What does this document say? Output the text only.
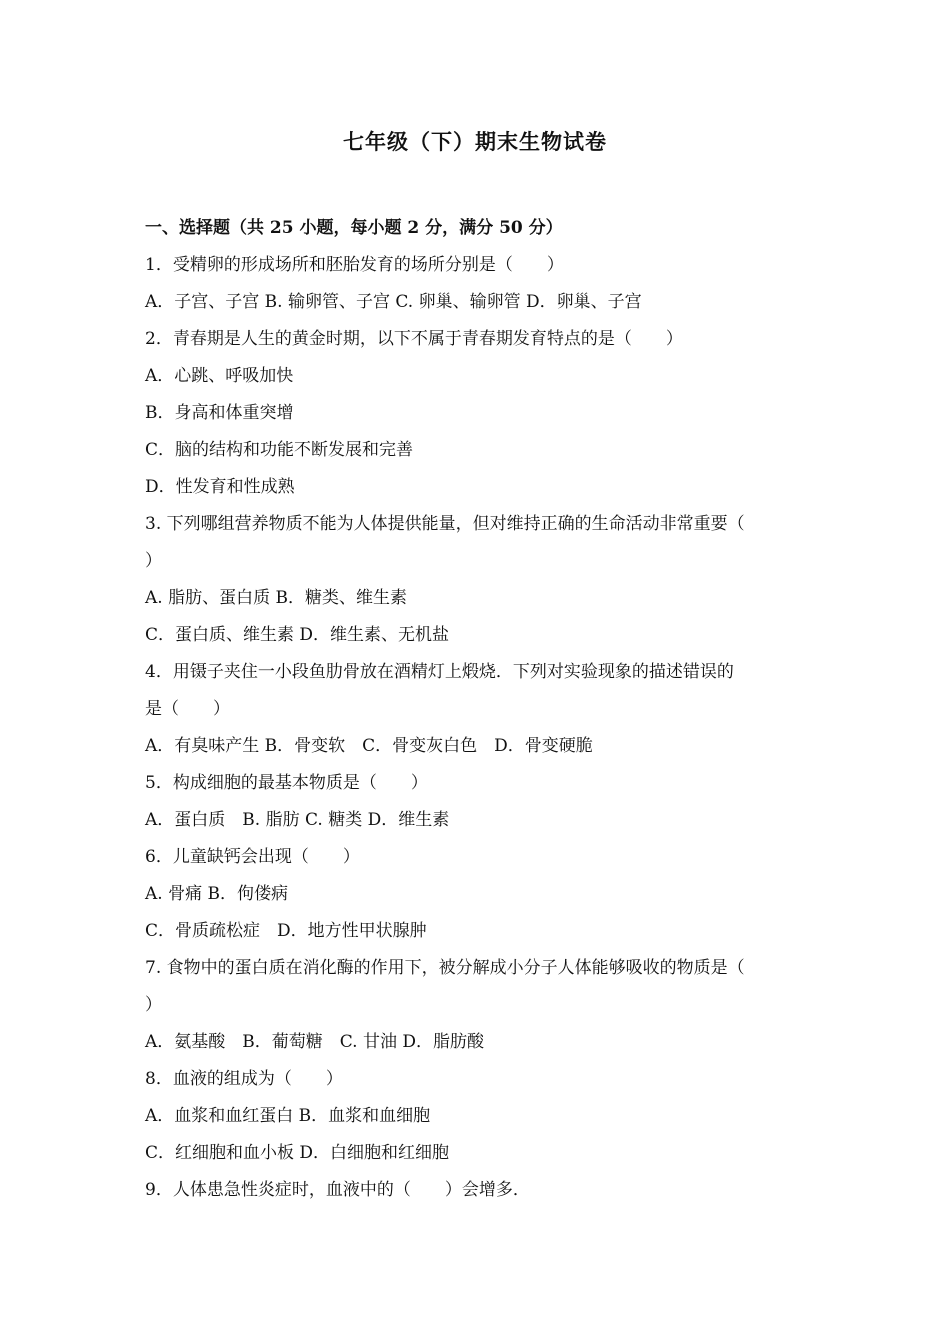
七年级（下）期末生物试卷
一、选择题（共 25 小题，每小题 2 分，满分 50 分）
1．受精卵的形成场所和胚胎发育的场所分别是（　　）
A．子宫、子宫 B. 输卵管、子宫 C. 卵巢、输卵管 D．卵巢、子宫
2．青春期是人生的黄金时期，以下不属于青春期发育特点的是（　　）
A．心跳、呼吸加快
B．身高和体重突增
C．脑的结构和功能不断发展和完善
D．性发育和性成熟
3. 下列哪组营养物质不能为人体提供能量，但对维持正确的生命活动非常重要（
）
A. 脂肪、蛋白质 B．糖类、维生素
C．蛋白质、维生素 D．维生素、无机盐
4．用镊子夹住一小段鱼肋骨放在酒精灯上煅烧．下列对实验现象的描述错误的
是（　　）
A．有臭味产生 B．骨变软　C．骨变灰白色　D．骨变硬脆
5．构成细胞的最基本物质是（　　）
A．蛋白质　B. 脂肪 C. 糖类 D．维生素
6．儿童缺钙会出现（　　）
A. 骨痛 B．佝偻病
C．骨质疏松症　D．地方性甲状腺肿
7. 食物中的蛋白质在消化酶的作用下，被分解成小分子人体能够吸收的物质是（
）
A．氨基酸　B．葡萄糖　C. 甘油 D．脂肪酸
8．血液的组成为（　　）
A．血浆和血红蛋白 B．血浆和血细胞
C．红细胞和血小板 D．白细胞和红细胞
9．人体患急性炎症时，血液中的（　　）会增多．
